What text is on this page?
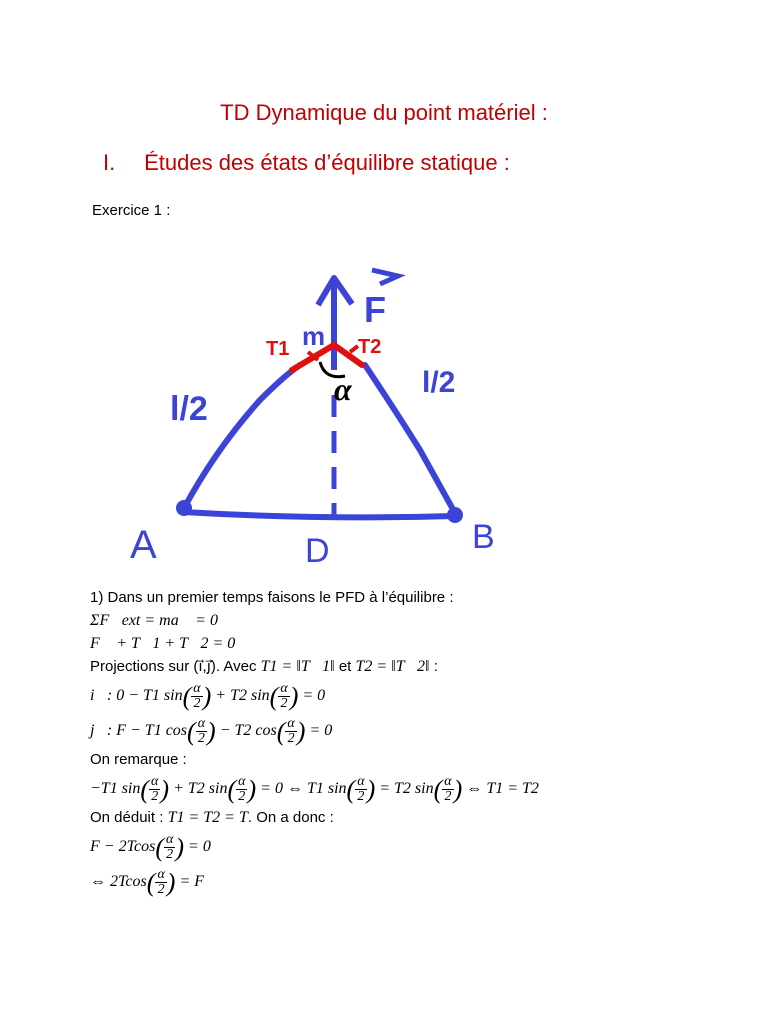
TD Dynamique du point matériel :
I. Études des états d’équilibre statique :
Exercice 1 :
A	B
D
F
m
T1	T2
α
l/2
l/2
1) Dans un premier temps faisons le PFD à l’équilibre :
ΣF⃗ext = ma⃗ = 0
F⃗ + T⃗1 + T⃗2 = 0
Projections sur (i⃗,j⃗). Avec T1 = ‖T⃗1‖ et T2 = ‖T⃗2‖ :
i⃗: 0 − T1 $\sin( \frac{\alpha}{2}$ ) + T2 $\sin( \frac{\alpha}{2}$ ) = 0
j⃗: F − T1 $\cos( \frac{\alpha}{2}$ ) − T2 $\cos( \frac{\alpha}{2}$ ) = 0
On remarque :
−T1 $\sin( \frac{\alpha}{2}$ ) + T2 $\sin( \frac{\alpha}{2}$ ) = 0 ⇔ T1 $\sin( \frac{\alpha}{2}$ ) = T2 $\sin( \frac{\alpha}{2}$ ) ⇔ T1 = T2
On déduit : T1 = T2 = T. On a donc :
$F - 2Tcos( \frac{\alpha}{2}$ ) = 0
⇔ $2Tcos( \frac{\alpha}{2}$ ) = F
